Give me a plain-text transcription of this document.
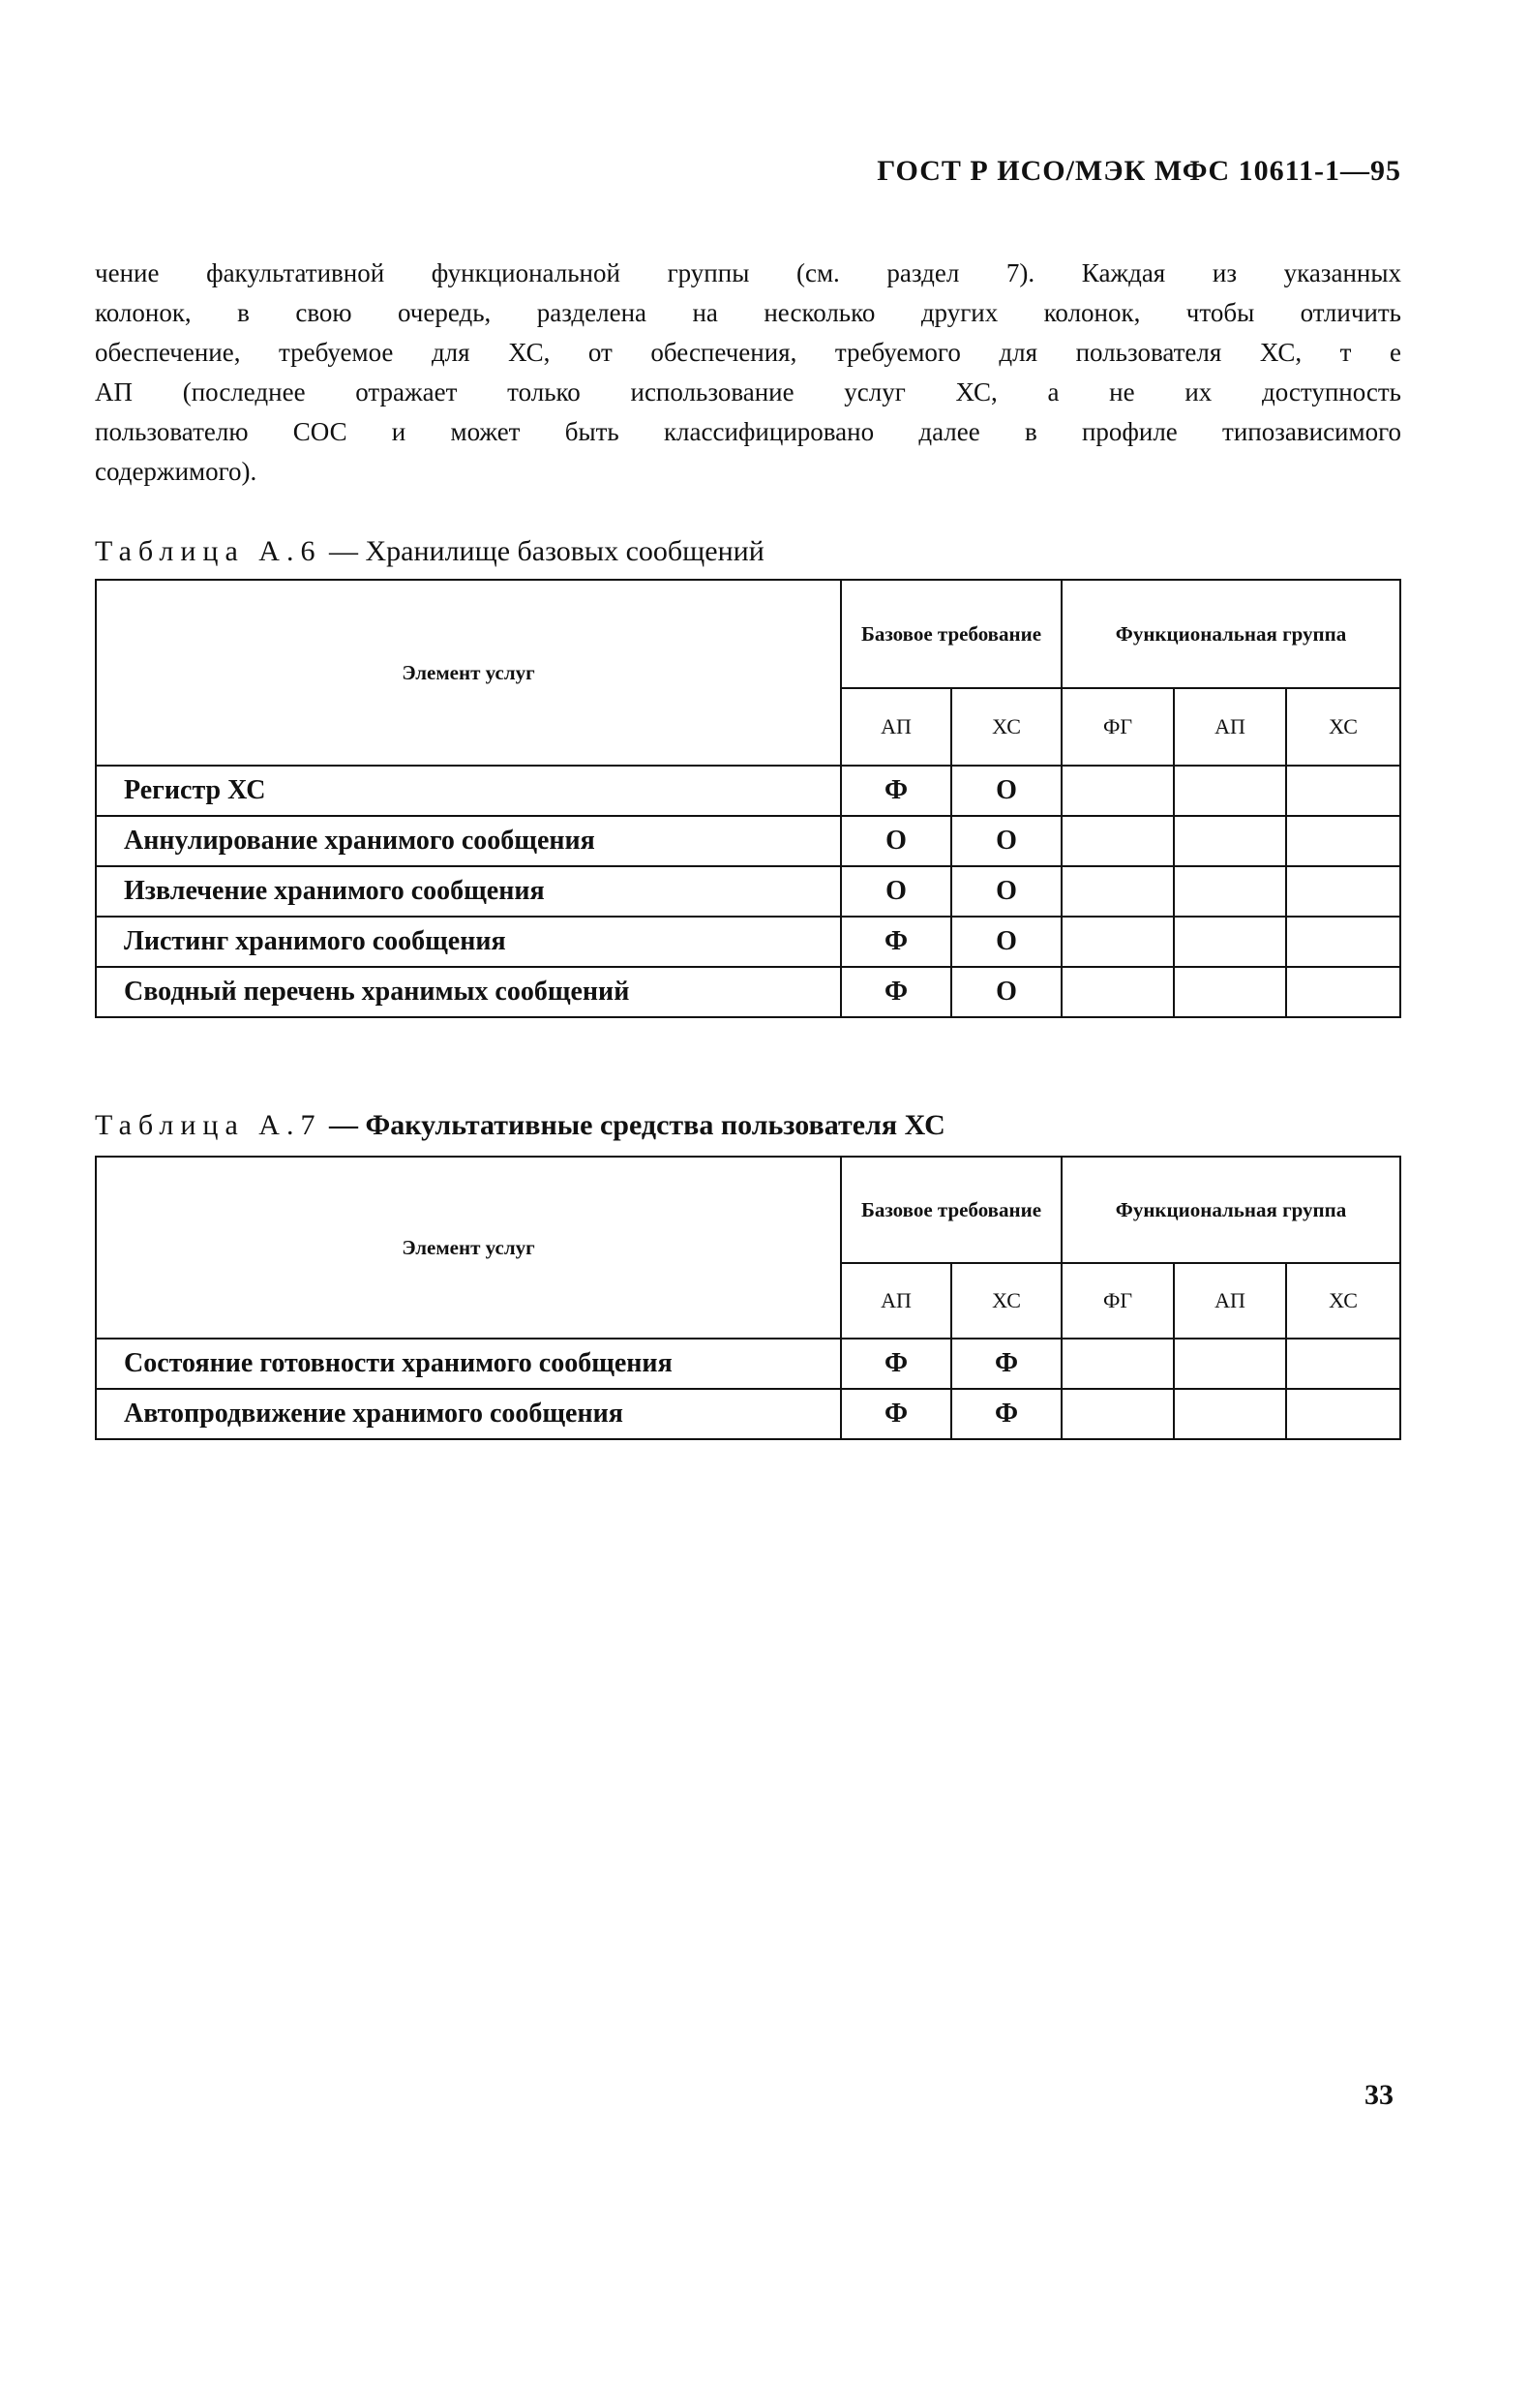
ГОСТ Р ИСО/МЭК МФС 10611-1—95
чение факультативной функциональной группы (см. раздел 7). Каждая из указанных
колонок, в свою очередь, разделена на несколько других колонок, чтобы отличить
обеспечение, требуемое для ХС, от обеспечения, требуемого для пользователя ХС, т е
АП (последнее отражает только использование услуг ХС, а не их доступность
пользователю СОС и может быть классифицировано далее в профиле типозависимого
содержимого).
Таблица А.6 — Хранилище базовых сообщений
Элемент услуг	Базовое требование		Функциональная группа		
	АП	ХС	ФГ	АП	ХС
Регистр ХС	Ф	О			
Аннулирование хранимого сообщения	О	О			
Извлечение хранимого сообщения	О	О			
Листинг хранимого сообщения	Ф	О			
Сводный перечень хранимых сообщений	Ф	О			
Таблица А.7 — Факультативные средства пользователя ХС
Элемент услуг	Базовое требование		Функциональная группа		
	АП	ХС	ФГ	АП	ХС
Состояние готовности хранимого сообщения	Ф	Ф			
Автопродвижение хранимого сообщения	Ф	Ф			
33
